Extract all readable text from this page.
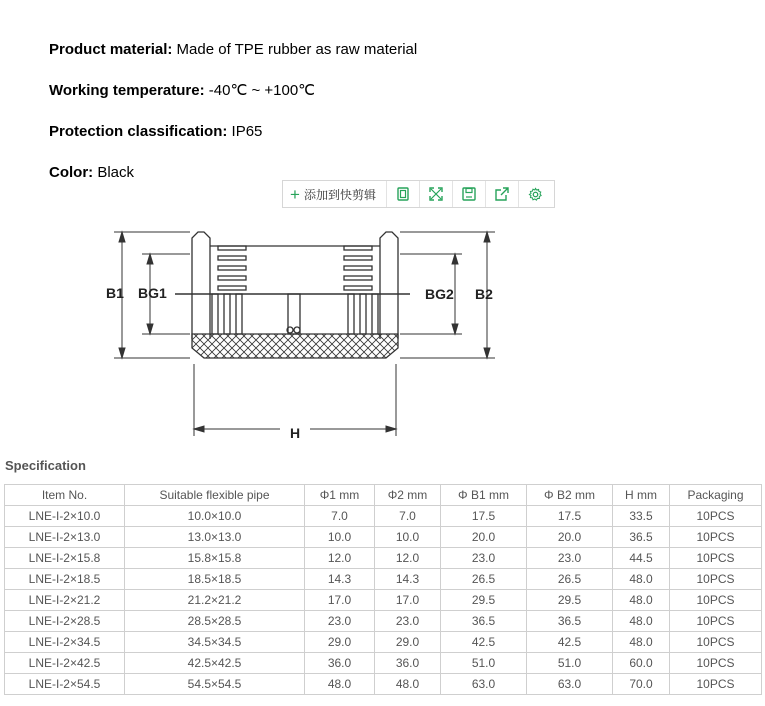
Product material: Made of TPE rubber as raw material
Working temperature: -40℃ ~ +100℃
Protection classification: IP65
Color: Black
+ 添加到快剪辑
B1 BG1	BG2 B2
H
Specification
Item No.	Suitable flexible pipe	Φ1 mm	Φ2 mm	Φ B1 mm	Φ B2 mm	H mm	Packaging
LNE-I-2×10.0	10.0×10.0	7.0	7.0	17.5	17.5	33.5	10PCS
LNE-I-2×13.0	13.0×13.0	10.0	10.0	20.0	20.0	36.5	10PCS
LNE-I-2×15.8	15.8×15.8	12.0	12.0	23.0	23.0	44.5	10PCS
LNE-I-2×18.5	18.5×18.5	14.3	14.3	26.5	26.5	48.0	10PCS
LNE-I-2×21.2	21.2×21.2	17.0	17.0	29.5	29.5	48.0	10PCS
LNE-I-2×28.5	28.5×28.5	23.0	23.0	36.5	36.5	48.0	10PCS
LNE-I-2×34.5	34.5×34.5	29.0	29.0	42.5	42.5	48.0	10PCS
LNE-I-2×42.5	42.5×42.5	36.0	36.0	51.0	51.0	60.0	10PCS
LNE-I-2×54.5	54.5×54.5	48.0	48.0	63.0	63.0	70.0	10PCS
